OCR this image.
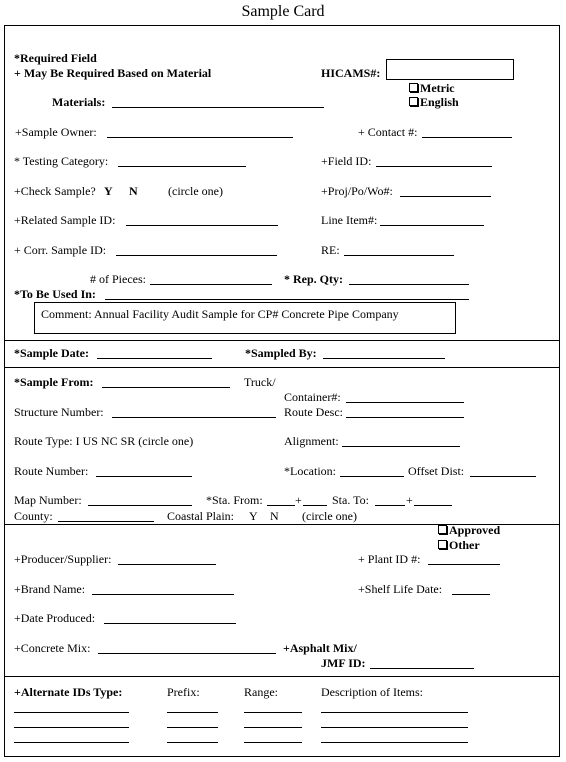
Sample Card
*Required Field
+ May Be Required Based on Material	HICAMS#:
Metric
English
Materials:
+Sample Owner:	+ Contact #:
* Testing Category:	+Field ID:
+Check Sample? Y N	(circle one)	+Proj/Po/Wo#:
+Related Sample ID:	Line Item#:
+ Corr. Sample ID:	RE:
# of Pieces:	* Rep. Qty:
*To Be Used In:
Comment: Annual Facility Audit Sample for CP# Concrete Pipe Company
*Sample Date:	*Sampled By:
*Sample From:	Truck/
Container#:
Structure Number:	Route Desc:
Route Type: I US NC SR (circle one)	Alignment:
Route Number:	*Location:	Offset Dist:
Map Number:	*Sta. From:	+	Sta. To:	+
County:	Coastal Plain: Y N (circle one)
Approved
Other
+Producer/Supplier:	+ Plant ID #:
+Brand Name:	+Shelf Life Date:
+Date Produced:
+Concrete Mix:	+Asphalt Mix/
JMF ID:
+Alternate IDs Type:	Prefix:	Range:	Description of Items:
